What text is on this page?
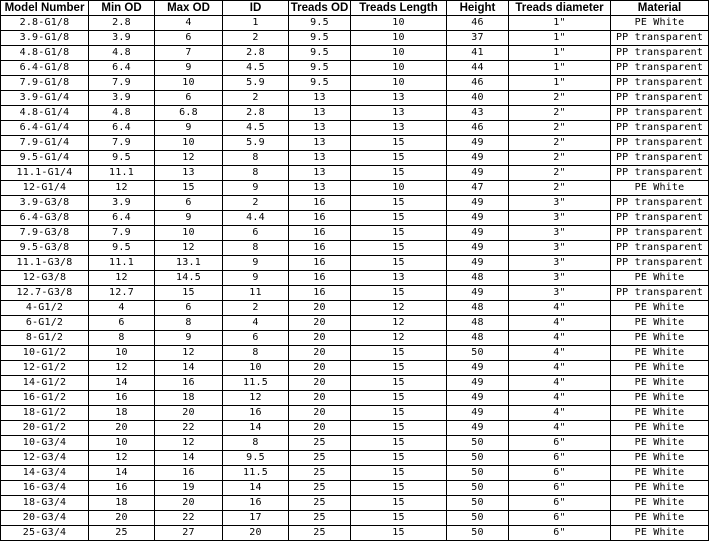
Model Number	Min OD	Max OD	ID	Treads OD	Treads Length	Height	Treads diameter	Material
2.8-G1/8	2.8	4	1	9.5	10	46	1"	PE White
3.9-G1/8	3.9	6	2	9.5	10	37	1"	PP transparent
4.8-G1/8	4.8	7	2.8	9.5	10	41	1"	PP transparent
6.4-G1/8	6.4	9	4.5	9.5	10	44	1"	PP transparent
7.9-G1/8	7.9	10	5.9	9.5	10	46	1"	PP transparent
3.9-G1/4	3.9	6	2	13	13	40	2"	PP transparent
4.8-G1/4	4.8	6.8	2.8	13	13	43	2"	PP transparent
6.4-G1/4	6.4	9	4.5	13	13	46	2"	PP transparent
7.9-G1/4	7.9	10	5.9	13	15	49	2"	PP transparent
9.5-G1/4	9.5	12	8	13	15	49	2"	PP transparent
11.1-G1/4	11.1	13	8	13	15	49	2"	PP transparent
12-G1/4	12	15	9	13	10	47	2"	PE White
3.9-G3/8	3.9	6	2	16	15	49	3"	PP transparent
6.4-G3/8	6.4	9	4.4	16	15	49	3"	PP transparent
7.9-G3/8	7.9	10	6	16	15	49	3"	PP transparent
9.5-G3/8	9.5	12	8	16	15	49	3"	PP transparent
11.1-G3/8	11.1	13.1	9	16	15	49	3"	PP transparent
12-G3/8	12	14.5	9	16	13	48	3"	PE White
12.7-G3/8	12.7	15	11	16	15	49	3"	PP transparent
4-G1/2	4	6	2	20	12	48	4"	PE White
6-G1/2	6	8	4	20	12	48	4"	PE White
8-G1/2	8	9	6	20	12	48	4"	PE White
10-G1/2	10	12	8	20	15	50	4"	PE White
12-G1/2	12	14	10	20	15	49	4"	PE White
14-G1/2	14	16	11.5	20	15	49	4"	PE White
16-G1/2	16	18	12	20	15	49	4"	PE White
18-G1/2	18	20	16	20	15	49	4"	PE White
20-G1/2	20	22	14	20	15	49	4"	PE White
10-G3/4	10	12	8	25	15	50	6"	PE White
12-G3/4	12	14	9.5	25	15	50	6"	PE White
14-G3/4	14	16	11.5	25	15	50	6"	PE White
16-G3/4	16	19	14	25	15	50	6"	PE White
18-G3/4	18	20	16	25	15	50	6"	PE White
20-G3/4	20	22	17	25	15	50	6"	PE White
25-G3/4	25	27	20	25	15	50	6"	PE White
